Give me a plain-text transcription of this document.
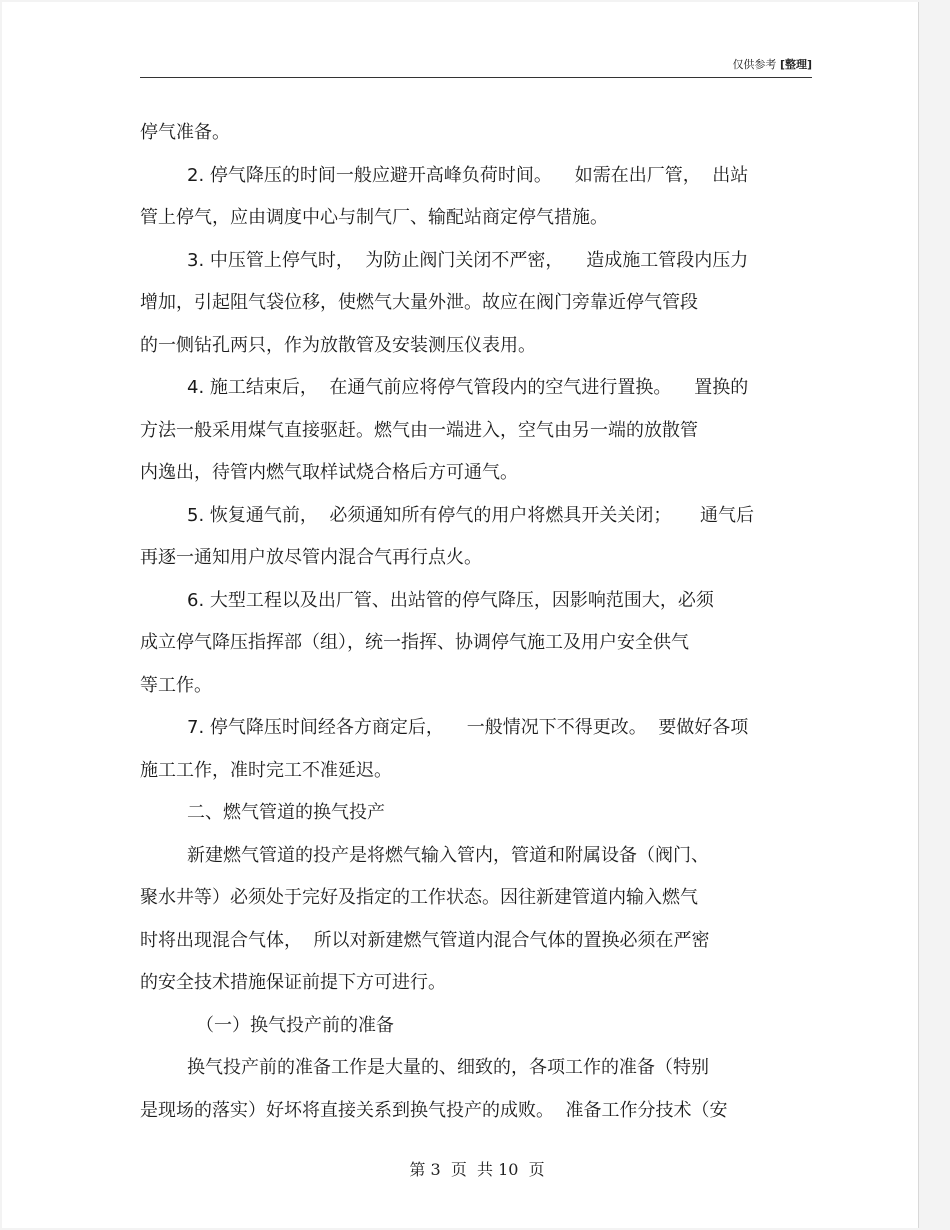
仅供参考 [整理]
停气准备。
2. 停气降压的时间一般应避开高峰负荷时间。    如需在出厂管，  出站
管上停气，应由调度中心与制气厂、输配站商定停气措施。
3. 中压管上停气时，  为防止阀门关闭不严密，    造成施工管段内压力
增加，引起阻气袋位移，使燃气大量外泄。故应在阀门旁靠近停气管段
的一侧钻孔两只，作为放散管及安装测压仪表用。
4. 施工结束后，  在通气前应将停气管段内的空气进行置换。    置换的
方法一般采用煤气直接驱赶。燃气由一端进入，空气由另一端的放散管
内逸出，待管内燃气取样试烧合格后方可通气。
5. 恢复通气前，  必须通知所有停气的用户将燃具开关关闭；     通气后
再逐一通知用户放尽管内混合气再行点火。
6. 大型工程以及出厂管、出站管的停气降压，因影响范围大，必须
成立停气降压指挥部（组），统一指挥、协调停气施工及用户安全供气
等工作。
7. 停气降压时间经各方商定后，    一般情况下不得更改。  要做好各项
施工工作，准时完工不准延迟。
二、燃气管道的换气投产
新建燃气管道的投产是将燃气输入管内，管道和附属设备（阀门、
聚水井等）必须处于完好及指定的工作状态。因往新建管道内输入燃气
时将出现混合气体，  所以对新建燃气管道内混合气体的置换必须在严密
的安全技术措施保证前提下方可进行。
（一）换气投产前的准备
换气投产前的准备工作是大量的、细致的，各项工作的准备（特别
是现场的落实）好坏将直接关系到换气投产的成败。  准备工作分技术（安
第 3  页  共 10  页
